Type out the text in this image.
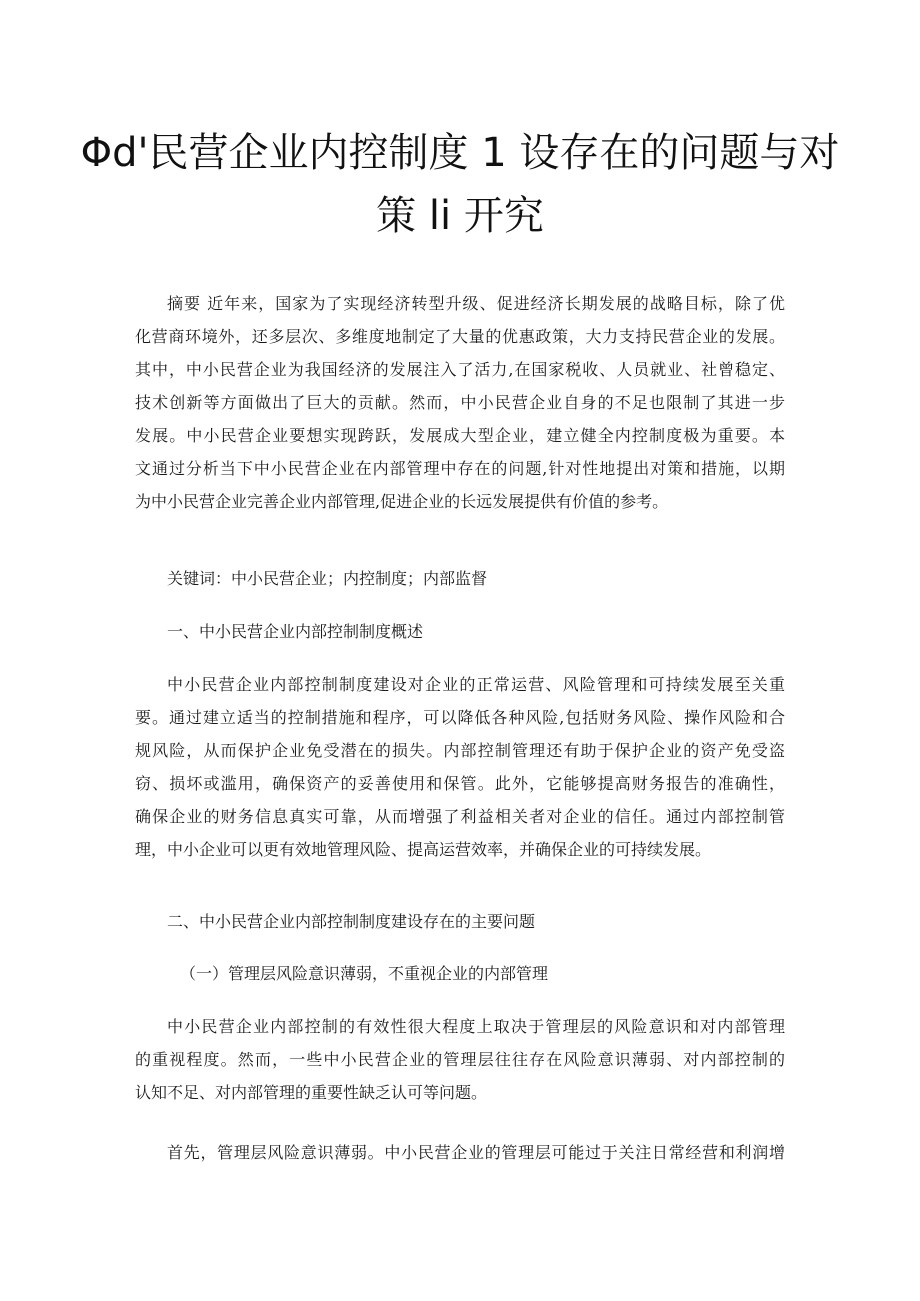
Φd'民营企业内控制度 1 设存在的问题与对
策 li 开究
摘要 近年来，国家为了实现经济转型升级、促进经济长期发展的战略目标，除了优
化营商环境外，还多层次、多维度地制定了大量的优惠政策，大力支持民营企业的发展。
其中，中小民营企业为我国经济的发展注入了活力,在国家税收、人员就业、社曾稳定、
技术创新等方面做出了巨大的贡献。然而，中小民营企业自身的不足也限制了其进一步
发展。中小民营企业要想实现跨跃，发展成大型企业，建立健全内控制度极为重要。本
文通过分析当下中小民营企业在内部管理中存在的问题,针对性地提出对策和措施，以期
为中小民营企业完善企业内部管理,促进企业的长远发展提供有价值的参考。
关键词：中小民营企业；内控制度；内部监督
一、中小民营企业内部控制制度概述
中小民营企业内部控制制度建设对企业的正常运营、风险管理和可持续发展至关重
要。通过建立适当的控制措施和程序，可以降低各种风险,包括财务风险、操作风险和合
规风险，从而保护企业免受潜在的损失。内部控制管理还有助于保护企业的资产免受盗
窃、损坏或滥用，确保资产的妥善使用和保管。此外，它能够提高财务报告的准确性，
确保企业的财务信息真实可靠，从而增强了利益相关者对企业的信任。通过内部控制管
理，中小企业可以更有效地管理风险、提高运营效率，并确保企业的可持续发展。
二、中小民营企业内部控制制度建设存在的主要问题
（一）管理层风险意识薄弱，不重视企业的内部管理
中小民营企业内部控制的有效性很大程度上取决于管理层的风险意识和对内部管理
的重视程度。然而，一些中小民营企业的管理层往往存在风险意识薄弱、对内部控制的
认知不足、对内部管理的重要性缺乏认可等问题。
首先，管理层风险意识薄弱。中小民营企业的管理层可能过于关注日常经营和利润增
